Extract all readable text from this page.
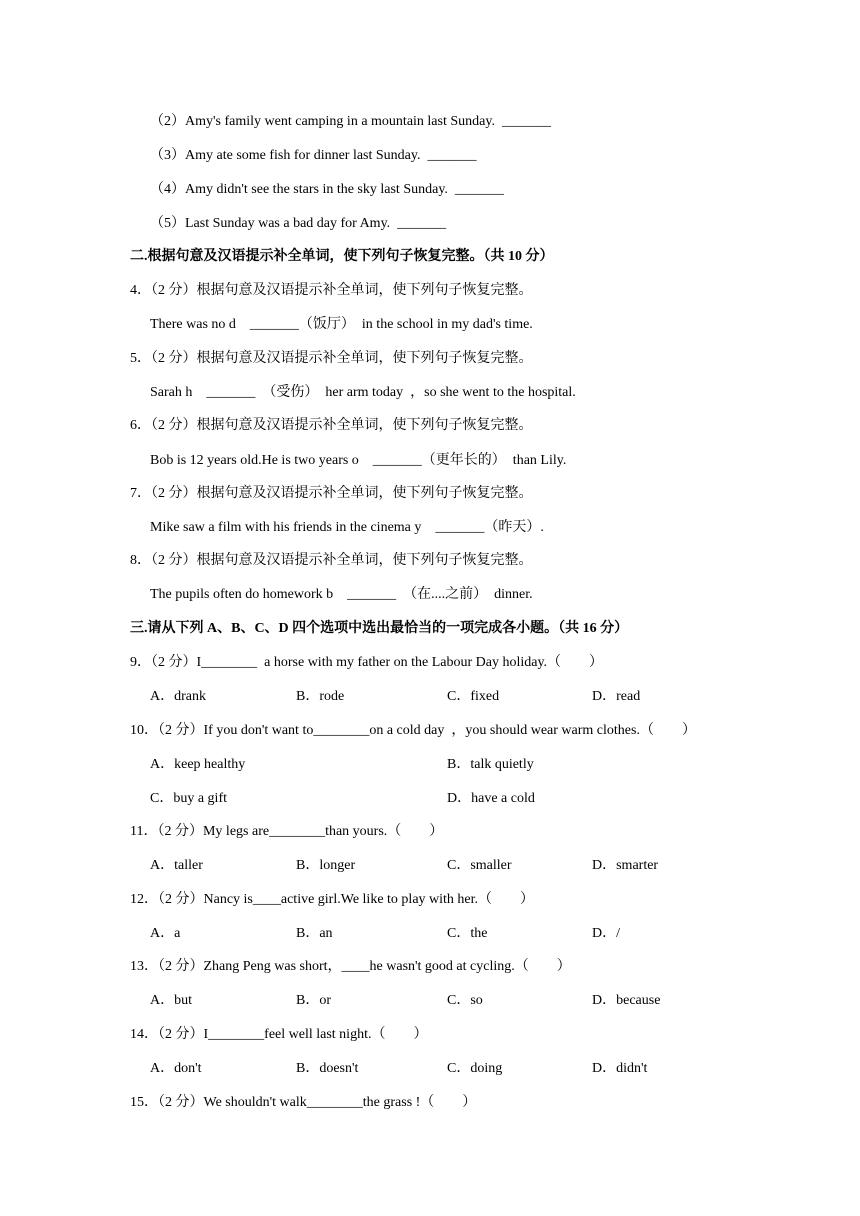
（2）Amy's family went camping in a mountain last Sunday.  _______
（3）Amy ate some fish for dinner last Sunday.  _______
（4）Amy didn't see the stars in the sky last Sunday.  _______
（5）Last Sunday was a bad day for Amy.  _______
二.根据句意及汉语提示补全单词，使下列句子恢复完整。（共 10 分）
4．（2 分）根据句意及汉语提示补全单词，使下列句子恢复完整。
There was no d    _______（饭厅）  in the school in my dad's time.
5．（2 分）根据句意及汉语提示补全单词，使下列句子恢复完整。
Sarah h    _______  （受伤）  her arm today  ，so she went to the hospital.
6．（2 分）根据句意及汉语提示补全单词，使下列句子恢复完整。
Bob is 12 years old.He is two years o    _______（更年长的）  than Lily.
7．（2 分）根据句意及汉语提示补全单词，使下列句子恢复完整。
Mike saw a film with his friends in the cinema y    _______（昨天）.
8．（2 分）根据句意及汉语提示补全单词，使下列句子恢复完整。
The pupils often do homework b    _______  （在....之前）  dinner.
三.请从下列 A、B、C、D 四个选项中选出最恰当的一项完成各小题。（共 16 分）
9．（2 分）I________  a horse with my father on the Labour Day holiday.（　　）
A．drank	B．rode	C．fixed	D．read
10．（2 分）If you don't want to________on a cold day  ，you should wear warm clothes.（　　）
A．keep healthy	B．talk quietly
C．buy a gift	D．have a cold
11．（2 分）My legs are________than yours.（　　）
A．taller	B．longer	C．smaller	D．smarter
12．（2 分）Nancy is____active girl.We like to play with her.（　　）
A．a	B．an	C．the	D．/
13．（2 分）Zhang Peng was short，____he wasn't good at cycling.（　　）
A．but	B．or	C．so	D．because
14．（2 分）I________feel well last night.（　　）
A．don't	B．doesn't	C．doing	D．didn't
15．（2 分）We shouldn't walk________the grass !（　　）
